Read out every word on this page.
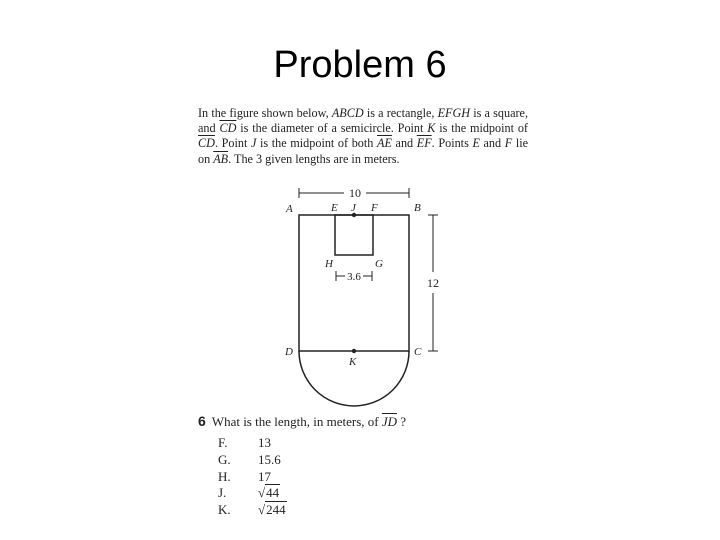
Problem 6
In the figure shown below, ABCD is a rectangle, EFGH is a square, and $\overline{CD}$ is the diameter of a semicircle. Point K is the midpoint of $\overline{CD}$. Point J is the midpoint of both $\overline{AE}$ and $\overline{EF}$. Points E and F lie on $\overline{AB}$. The 3 given lengths are in meters.
10
12
3.6
A	E J F	B
H	G
D	C
K
6 What is the length, in meters, of $\overline{JD}$ ?
F. 13
G. 15.6
H. 17
J. √44
K. √244
